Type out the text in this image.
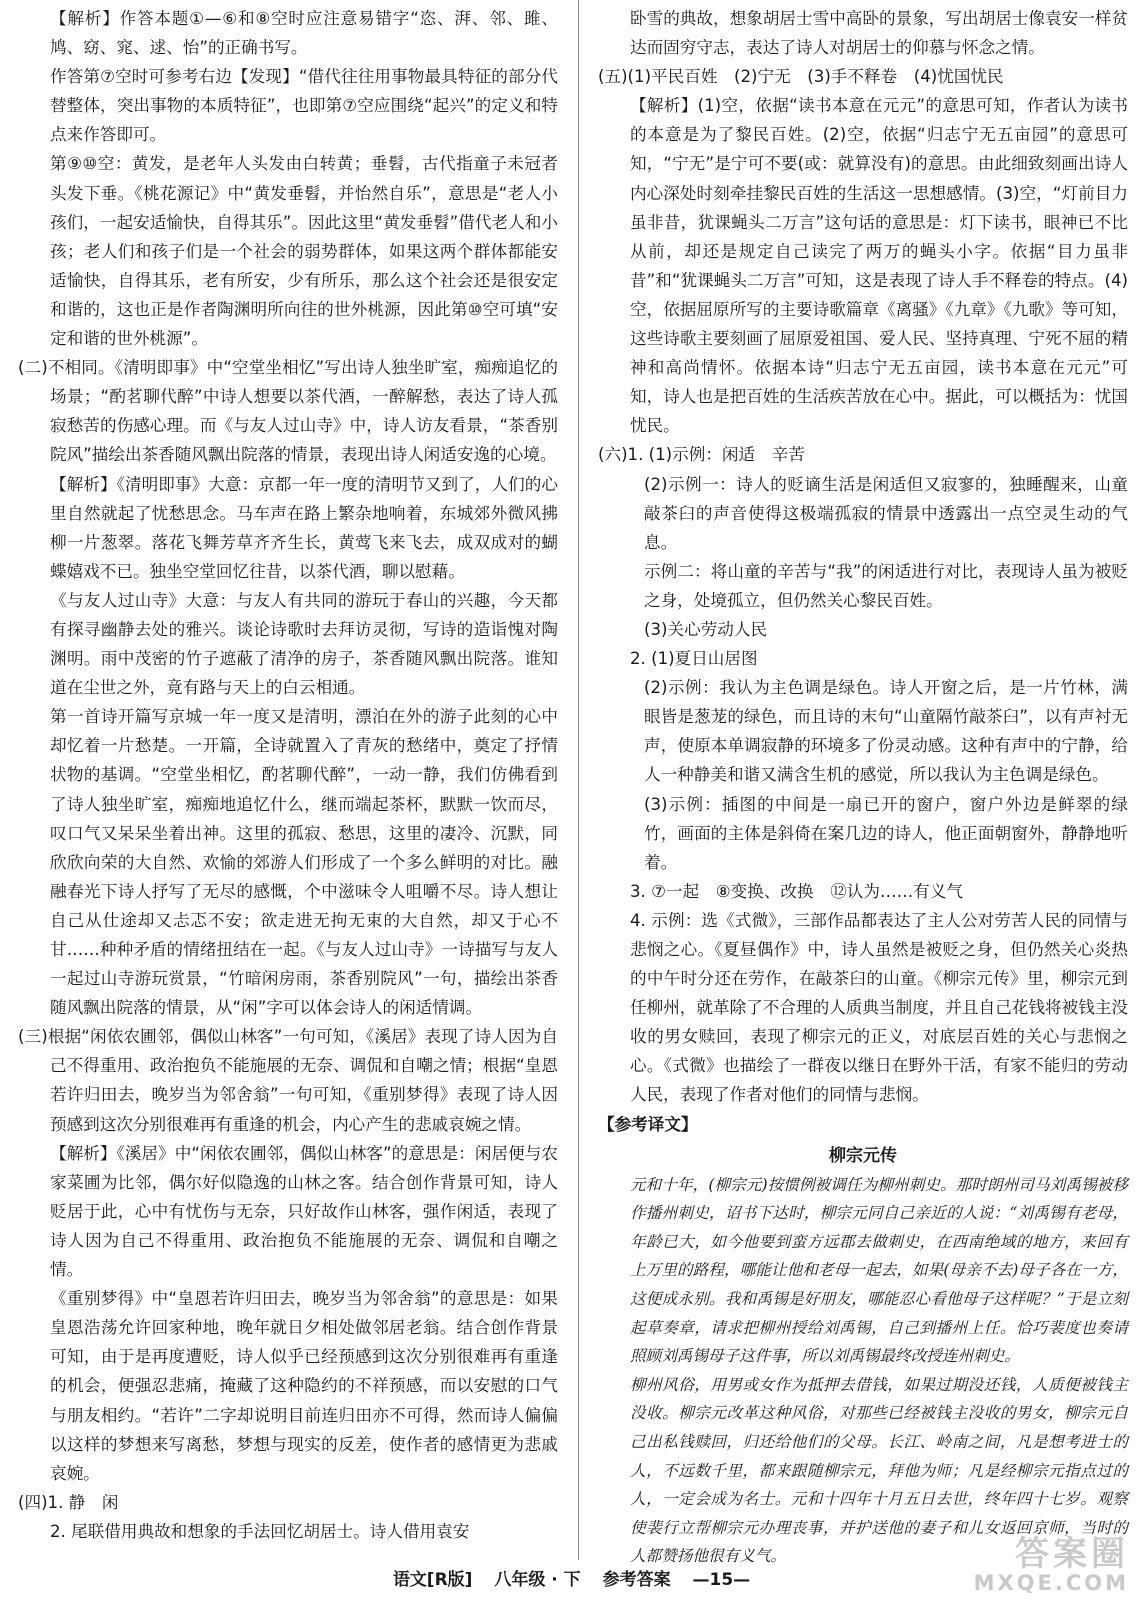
【解析】作答本题①—⑥和⑧空时应注意易错字“恣、湃、邻、雎、鸠、窈、窕、逑、怡”的正确书写。

作答第⑦空时可参考右边【发现】“借代往往用事物最具特征的部分代替整体，突出事物的本质特征”，也即第⑦空应围绕“起兴”的定义和特点来作答即可。

第⑨⑩空：黄发，是老年人头发由白转黄；垂髫，古代指童子未冠者头发下垂。《桃花源记》中“黄发垂髫，并怡然自乐”，意思是“老人小孩们，一起安适愉快，自得其乐”。因此这里“黄发垂髫”借代老人和小孩；老人们和孩子们是一个社会的弱势群体，如果这两个群体都能安适愉快，自得其乐，老有所安，少有所乐，那么这个社会还是很安定和谐的，这也正是作者陶渊明所向往的世外桃源，因此第⑩空可填“安定和谐的世外桃源”。

(二)不相同。《清明即事》中“空堂坐相忆”写出诗人独坐旷室，痴痴追忆的场景；“酌茗聊代醉”中诗人想要以茶代酒，一醉解愁，表达了诗人孤寂愁苦的伤感心理。而《与友人过山寺》中，诗人访友看景，“茶香别院风”描绘出茶香随风飘出院落的情景，表现出诗人闲适安逸的心境。

【解析】《清明即事》大意：京都一年一度的清明节又到了，人们的心里自然就起了忧愁思念。马车声在路上繁杂地响着，东城郊外微风拂柳一片葱翠。落花飞舞芳草齐齐生长，黄莺飞来飞去，成双成对的蝴蝶嬉戏不已。独坐空堂回忆往昔，以茶代酒，聊以慰藉。

《与友人过山寺》大意：与友人有共同的游玩于春山的兴趣，今天都有探寻幽静去处的雅兴。谈论诗歌时去拜访灵彻，写诗的造诣愧对陶渊明。雨中茂密的竹子遮蔽了清净的房子，茶香随风飘出院落。谁知道在尘世之外，竟有路与天上的白云相通。

第一首诗开篇写京城一年一度又是清明，漂泊在外的游子此刻的心中却忆着一片愁楚。一开篇，全诗就置入了青灰的愁绪中，奠定了抒情状物的基调。“空堂坐相忆，酌茗聊代醉”，一动一静，我们仿佛看到了诗人独坐旷室，痴痴地追忆什么，继而端起茶杯，默默一饮而尽，叹口气又呆呆坐着出神。这里的孤寂、愁思，这里的凄冷、沉默，同欣欣向荣的大自然、欢愉的郊游人们形成了一个多么鲜明的对比。融融春光下诗人抒写了无尽的感慨，个中滋味令人咀嚼不尽。诗人想让自己从仕途却又忐忑不安；欲走进无拘无束的大自然，却又于心不甘……种种矛盾的情绪扭结在一起。《与友人过山寺》一诗描写与友人一起过山寺游玩赏景，“竹暗闲房雨，茶香别院风”一句，描绘出茶香随风飘出院落的情景，从“闲”字可以体会诗人的闲适情调。

(三)根据“闲依农圃邻，偶似山林客”一句可知，《溪居》表现了诗人因为自己不得重用、政治抱负不能施展的无奈、调侃和自嘲之情；根据“皇恩若许归田去，晚岁当为邻舍翁”一句可知，《重别梦得》表现了诗人因预感到这次分别很难再有重逢的机会，内心产生的悲戚哀婉之情。

【解析】《溪居》中“闲依农圃邻，偶似山林客”的意思是：闲居便与农家菜圃为比邻，偶尔好似隐逸的山林之客。结合创作背景可知，诗人贬居于此，心中有忧伤与无奈，只好故作山林客，强作闲适，表现了诗人因为自己不得重用、政治抱负不能施展的无奈、调侃和自嘲之情。

《重别梦得》中“皇恩若许归田去，晚岁当为邻舍翁”的意思是：如果皇恩浩荡允许回家种地，晚年就日夕相处做邻居老翁。结合创作背景可知，由于是再度遭贬，诗人似乎已经预感到这次分别很难再有重逢的机会，便强忍悲痛，掩藏了这种隐约的不祥预感，而以安慰的口气与朋友相约。“若许”二字却说明目前连归田亦不可得，然而诗人偏偏以这样的梦想来写离愁，梦想与现实的反差，使作者的感情更为悲戚哀婉。

(四)1. 静　闲

2. 尾联借用典故和想象的手法回忆胡居士。诗人借用袁安

卧雪的典故，想象胡居士雪中高卧的景象，写出胡居士像袁安一样贫达而固穷守志，表达了诗人对胡居士的仰慕与怀念之情。

(五)(1)平民百姓　(2)宁无　(3)手不释卷　(4)忧国忧民

【解析】(1)空，依据“读书本意在元元”的意思可知，作者认为读书的本意是为了黎民百姓。(2)空，依据“归志宁无五亩园”的意思可知，“宁无”是宁可不要(或：就算没有)的意思。由此细致刻画出诗人内心深处时刻牵挂黎民百姓的生活这一思想感情。(3)空，“灯前目力虽非昔，犹课蝇头二万言”这句话的意思是：灯下读书，眼神已不比从前，却还是规定自己读完了两万的蝇头小字。依据“目力虽非昔”和“犹课蝇头二万言”可知，这是表现了诗人手不释卷的特点。(4)空，依据屈原所写的主要诗歌篇章《离骚》《九章》《九歌》等可知，这些诗歌主要刻画了屈原爱祖国、爱人民、坚持真理、宁死不屈的精神和高尚情怀。依据本诗“归志宁无五亩园，读书本意在元元”可知，诗人也是把百姓的生活疾苦放在心中。据此，可以概括为：忧国忧民。

(六)1. (1)示例：闲适　辛苦

(2)示例一：诗人的贬谪生活是闲适但又寂寥的，独睡醒来，山童敲茶臼的声音使得这极端孤寂的情景中透露出一点空灵生动的气息。

示例二：将山童的辛苦与“我”的闲适进行对比，表现诗人虽为被贬之身，处境孤立，但仍然关心黎民百姓。

(3)关心劳动人民

2. (1)夏日山居图

(2)示例：我认为主色调是绿色。诗人开窗之后，是一片竹林，满眼皆是葱茏的绿色，而且诗的末句“山童隔竹敲茶臼”，以有声衬无声，使原本单调寂静的环境多了份灵动感。这种有声中的宁静，给人一种静美和谐又满含生机的感觉，所以我认为主色调是绿色。

(3)示例：插图的中间是一扇已开的窗户，窗户外边是鲜翠的绿竹，画面的主体是斜倚在案几边的诗人，他正面朝窗外，静静地听着。

3. ⑦一起　⑧变换、改换　⑫认为……有义气

4. 示例：选《式微》，三部作品都表达了主人公对劳苦人民的同情与悲悯之心。《夏昼偶作》中，诗人虽然是被贬之身，但仍然关心炎热的中午时分还在劳作，在敲茶臼的山童。《柳宗元传》里，柳宗元到任柳州，就革除了不合理的人质典当制度，并且自己花钱将被钱主没收的男女赎回，表现了柳宗元的正义，对底层百姓的关心与悲悯之心。《式微》也描绘了一群夜以继日在野外干活，有家不能归的劳动人民，表现了作者对他们的同情与悲悯。

【参考译文】

柳宗元传

元和十年，(柳宗元)按惯例被调任为柳州刺史。那时朗州司马刘禹锡被移作播州刺史，诏书下达时，柳宗元同自己亲近的人说：“刘禹锡有老母，年龄已大，如今他要到蛮方远郡去做刺史，在西南绝域的地方，来回有上万里的路程，哪能让他和老母一起去，如果(母亲不去)母子各在一方，这便成永别。我和禹锡是好朋友，哪能忍心看他母子这样呢？”于是立刻起草奏章，请求把柳州授给刘禹锡，自己到播州上任。恰巧裴度也奏请照顾刘禹锡母子这件事，所以刘禹锡最终改授连州刺史。

柳州风俗，用男或女作为抵押去借钱，如果过期没还钱，人质便被钱主没收。柳宗元改革这种风俗，对那些已经被钱主没收的男女，柳宗元自己出私钱赎回，归还给他们的父母。长江、岭南之间，凡是想考进士的人，不远数千里，都来跟随柳宗元，拜他为师；凡是经柳宗元指点过的人，一定会成为名士。元和十四年十月五日去世，终年四十七岁。观察使裴行立帮柳宗元办理丧事，并护送他的妻子和儿女返回京师，当时的人都赞扬他很有义气。

语文[R版] 八年级 · 下 参考答案 —15—
答案圈
MXQE.COM
